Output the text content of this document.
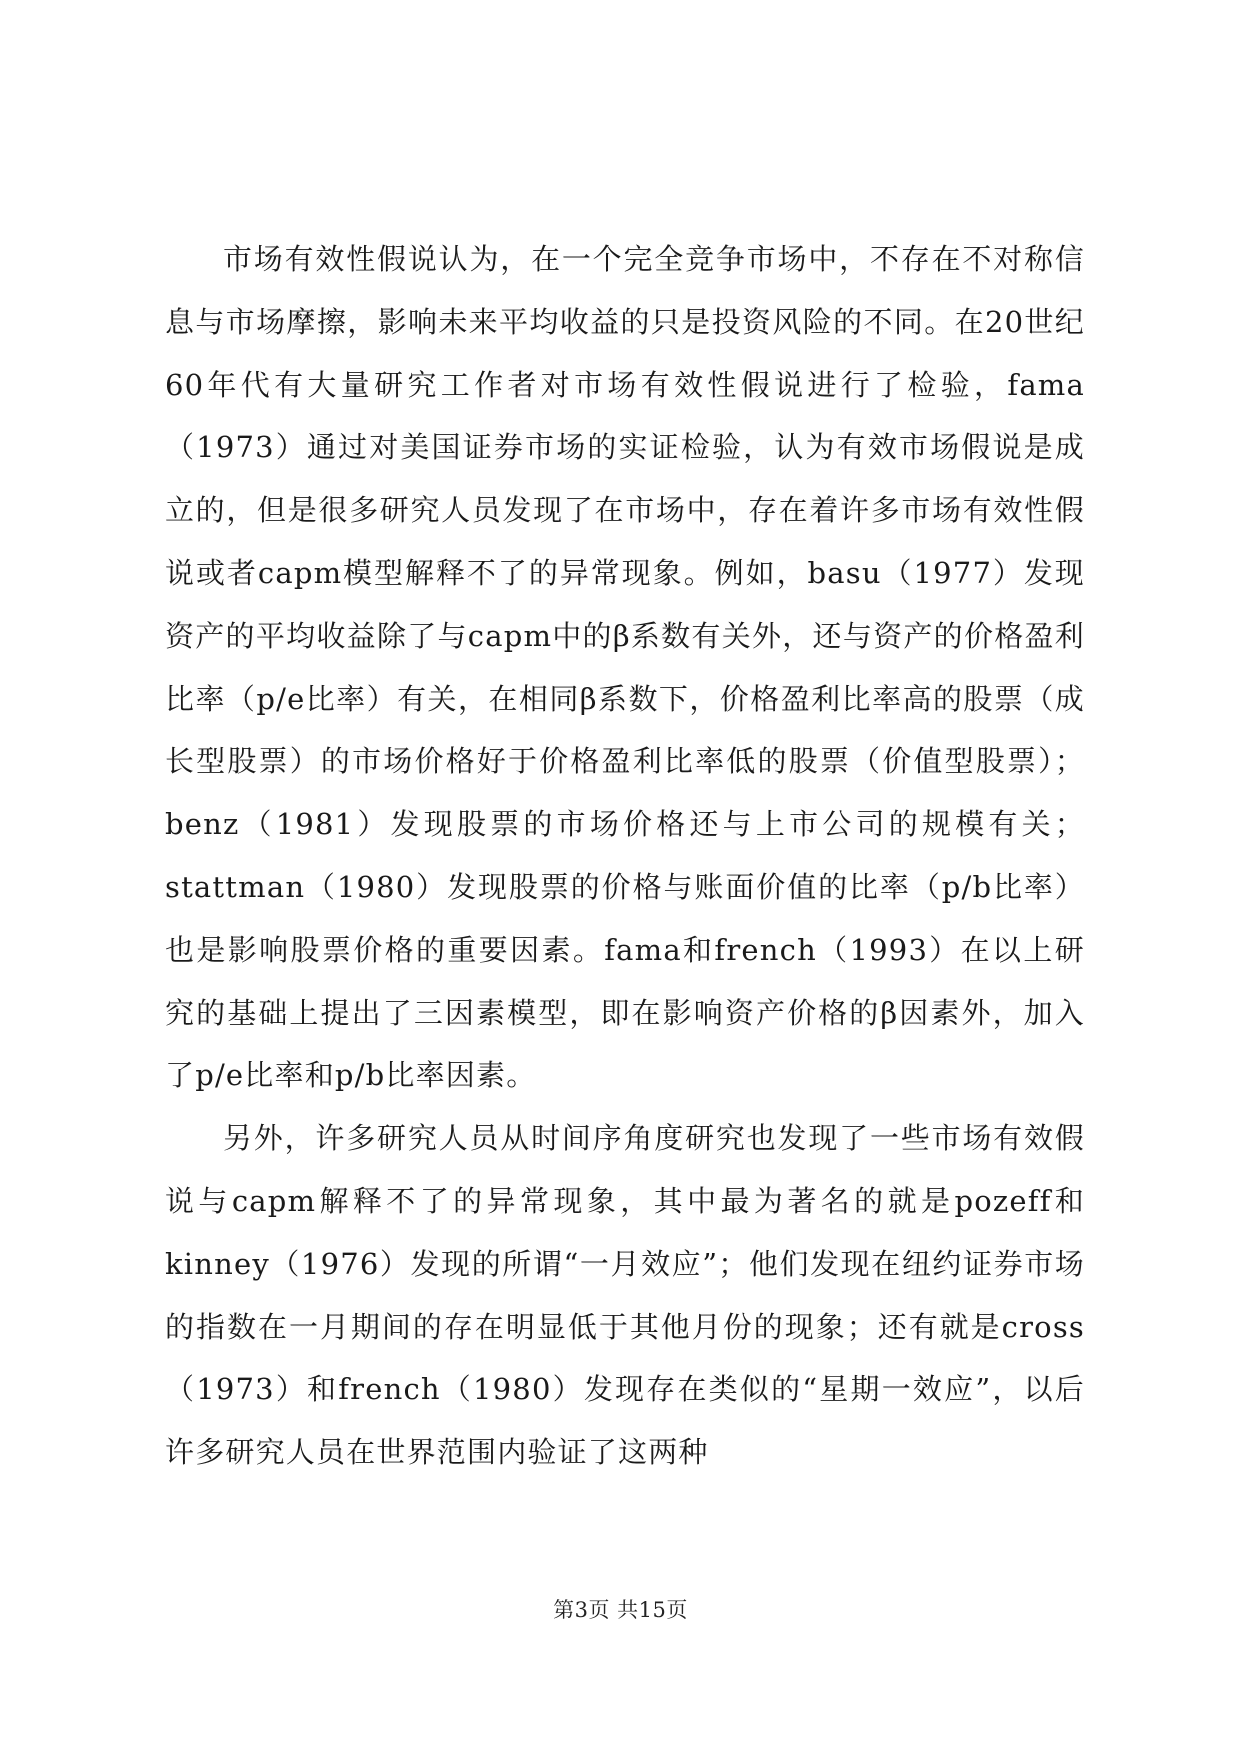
市场有效性假说认为，在一个完全竞争市场中，不存在不对称信息与市场摩擦，影响未来平均收益的只是投资风险的不同。在20世纪60年代有大量研究工作者对市场有效性假说进行了检验，fama（1973）通过对美国证券市场的实证检验，认为有效市场假说是成立的，但是很多研究人员发现了在市场中，存在着许多市场有效性假说或者capm模型解释不了的异常现象。例如，basu（1977）发现资产的平均收益除了与capm中的β系数有关外，还与资产的价格盈利比率（p/e比率）有关，在相同β系数下，价格盈利比率高的股票（成长型股票）的市场价格好于价格盈利比率低的股票（价值型股票）；benz（1981）发现股票的市场价格还与上市公司的规模有关；stattman（1980）发现股票的价格与账面价值的比率（p/b比率）也是影响股票价格的重要因素。fama和french（1993）在以上研究的基础上提出了三因素模型，即在影响资产价格的β因素外，加入了p/e比率和p/b比率因素。

另外，许多研究人员从时间序角度研究也发现了一些市场有效假说与capm解释不了的异常现象，其中最为著名的就是pozeff和kinney（1976）发现的所谓“一月效应”；他们发现在纽约证券市场的指数在一月期间的存在明显低于其他月份的现象；还有就是cross（1973）和french（1980）发现存在类似的“星期一效应”，以后许多研究人员在世界范围内验证了这两种

第3页 共15页
